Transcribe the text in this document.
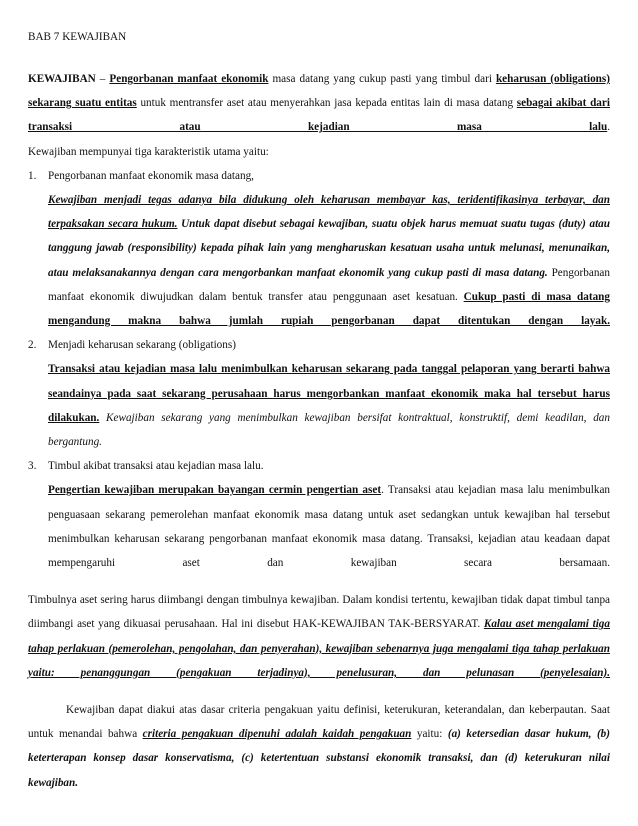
BAB 7 KEWAJIBAN

KEWAJIBAN – Pengorbanan manfaat ekonomik masa datang yang cukup pasti yang timbul dari keharusan (obligations) sekarang suatu entitas untuk mentransfer aset atau menyerahkan jasa kepada entitas lain di masa datang sebagai akibat dari transaksi atau kejadian masa lalu.

Kewajiban mempunyai tiga karakteristik utama yaitu:

1.	Pengorbanan manfaat ekonomik masa datang,

Kewajiban menjadi tegas adanya bila didukung oleh keharusan membayar kas, teridentifikasinya terbayar, dan terpaksakan secara hukum. Untuk dapat disebut sebagai kewajiban, suatu objek harus memuat suatu tugas (duty) atau tanggung jawab (responsibility) kepada pihak lain yang mengharuskan kesatuan usaha untuk melunasi, menunaikan, atau melaksanakannya dengan cara mengorbankan manfaat ekonomik yang cukup pasti di masa datang. Pengorbanan manfaat ekonomik diwujudkan dalam bentuk transfer atau penggunaan aset kesatuan. Cukup pasti di masa datang mengandung makna bahwa jumlah rupiah pengorbanan dapat ditentukan dengan layak.

2.	Menjadi keharusan sekarang (obligations)

Transaksi atau kejadian masa lalu menimbulkan keharusan sekarang pada tanggal pelaporan yang berarti bahwa seandainya pada saat sekarang perusahaan harus mengorbankan manfaat ekonomik maka hal tersebut harus dilakukan. Kewajiban sekarang yang menimbulkan kewajiban bersifat kontraktual, konstruktif, demi keadilan, dan bergantung.

3.	Timbul akibat transaksi atau kejadian masa lalu.

Pengertian kewajiban merupakan bayangan cermin pengertian aset. Transaksi atau kejadian masa lalu menimbulkan penguasaan sekarang pemerolehan manfaat ekonomik masa datang untuk aset sedangkan untuk kewajiban hal tersebut menimbulkan keharusan sekarang pengorbanan manfaat ekonomik masa datang. Transaksi, kejadian atau keadaan dapat mempengaruhi aset dan kewajiban secara bersamaan.

Timbulnya aset sering harus diimbangi dengan timbulnya kewajiban. Dalam kondisi tertentu, kewajiban tidak dapat timbul tanpa diimbangi aset yang dikuasai perusahaan. Hal ini disebut HAK-KEWAJIBAN TAK-BERSYARAT. Kalau aset mengalami tiga tahap perlakuan (pemerolehan, pengolahan, dan penyerahan), kewajiban sebenarnya juga mengalami tiga tahap perlakuan yaitu: penanggungan (pengakuan terjadinya), penelusuran, dan pelunasan (penyelesaian).

Kewajiban dapat diakui atas dasar criteria pengakuan yaitu definisi, keterukuran, keterandalan, dan keberpautan. Saat untuk menandai bahwa criteria pengakuan dipenuhi adalah kaidah pengakuan yaitu: (a) ketersedian dasar hukum, (b) keterterapan konsep dasar konservatisma, (c) ketertentuan substansi ekonomik transaksi, dan (d) keterukuran nilai kewajiban.
